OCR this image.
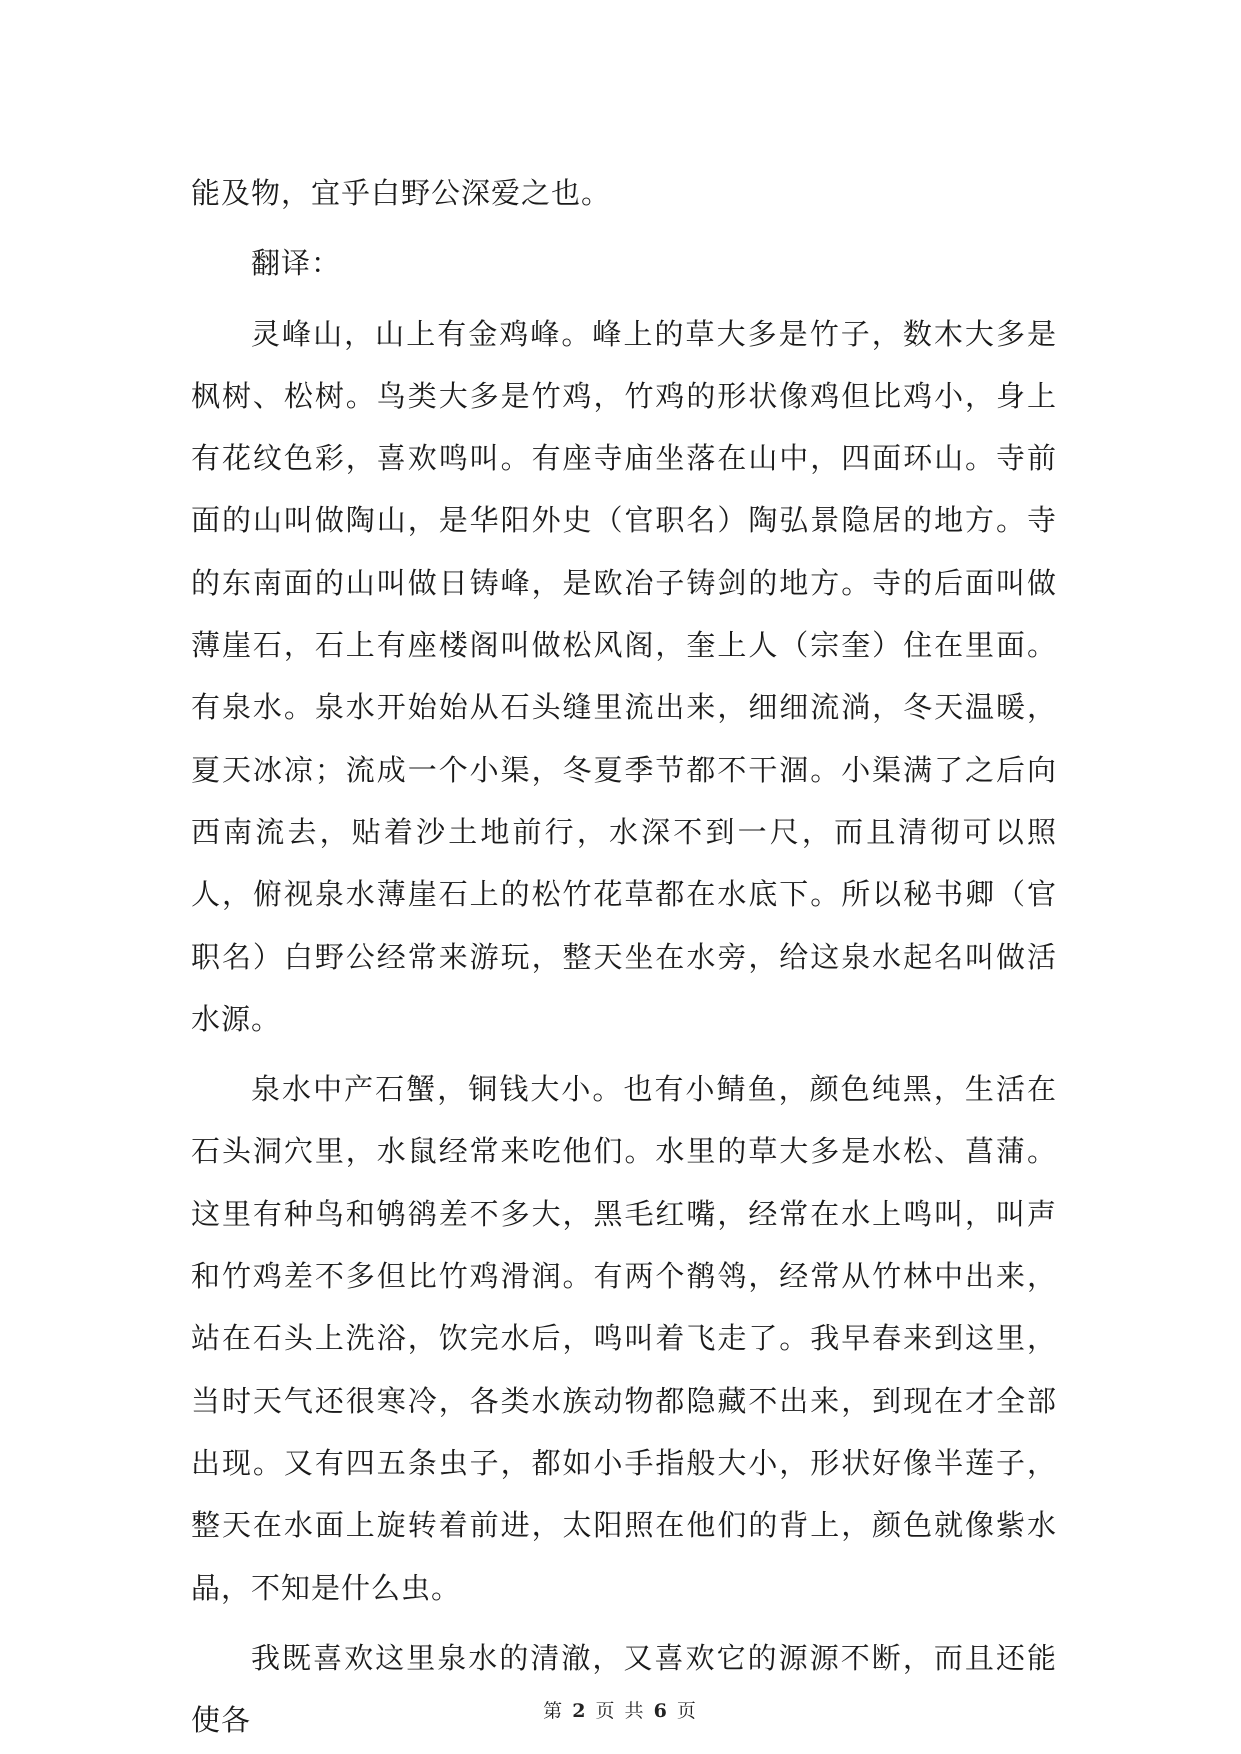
能及物，宜乎白野公深爱之也。

翻译：

灵峰山，山上有金鸡峰。峰上的草大多是竹子，数木大多是枫树、松树。鸟类大多是竹鸡，竹鸡的形状像鸡但比鸡小，身上有花纹色彩，喜欢鸣叫。有座寺庙坐落在山中，四面环山。寺前面的山叫做陶山，是华阳外史（官职名）陶弘景隐居的地方。寺的东南面的山叫做日铸峰，是欧冶子铸剑的地方。寺的后面叫做薄崖石，石上有座楼阁叫做松风阁，奎上人（宗奎）住在里面。有泉水。泉水开始始从石头缝里流出来，细细流淌，冬天温暖，夏天冰凉；流成一个小渠，冬夏季节都不干涸。小渠满了之后向西南流去，贴着沙土地前行，水深不到一尺，而且清彻可以照人，俯视泉水薄崖石上的松竹花草都在水底下。所以秘书卿（官职名）白野公经常来游玩，整天坐在水旁，给这泉水起名叫做活水源。

泉水中产石蟹，铜钱大小。也有小鲭鱼，颜色纯黑，生活在石头洞穴里，水鼠经常来吃他们。水里的草大多是水松、菖蒲。这里有种鸟和鸲鹆差不多大，黑毛红嘴，经常在水上鸣叫，叫声和竹鸡差不多但比竹鸡滑润。有两个鹡鸰，经常从竹林中出来，站在石头上洗浴，饮完水后，鸣叫着飞走了。我早春来到这里，当时天气还很寒冷，各类水族动物都隐藏不出来，到现在才全部出现。又有四五条虫子，都如小手指般大小，形状好像半莲子，整天在水面上旋转着前进，太阳照在他们的背上，颜色就像紫水晶，不知是什么虫。

我既喜欢这里泉水的清澈，又喜欢它的源源不断，而且还能使各	第 2 页 共 6 页
